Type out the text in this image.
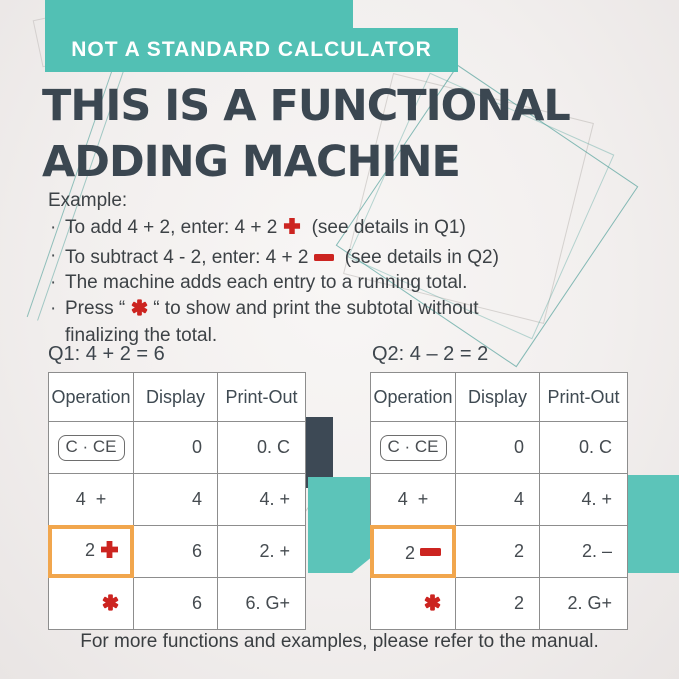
NOT A STANDARD CALCULATOR
THIS IS A FUNCTIONAL
ADDING MACHINE
Example:
· To add 4 + 2, enter: 4 + 2 (see details in Q1)
· To subtract 4 - 2, enter: 4 + 2 (see details in Q2)
· The machine adds each entry to a running total.
· Press “ “ to show and print the subtotal without finalizing the total.
Q1: 4 + 2 = 6
Operation	Display	Print-Out
C · CE	0	0. C
4  +	4	4. +
2	6	2. +
	6	6. G+
Q2: 4 – 2 = 2
Operation	Display	Print-Out
C · CE	0	0. C
4  +	4	4. +
2	2	2. –
	2	2. G+
For more functions and examples, please refer to the manual.
